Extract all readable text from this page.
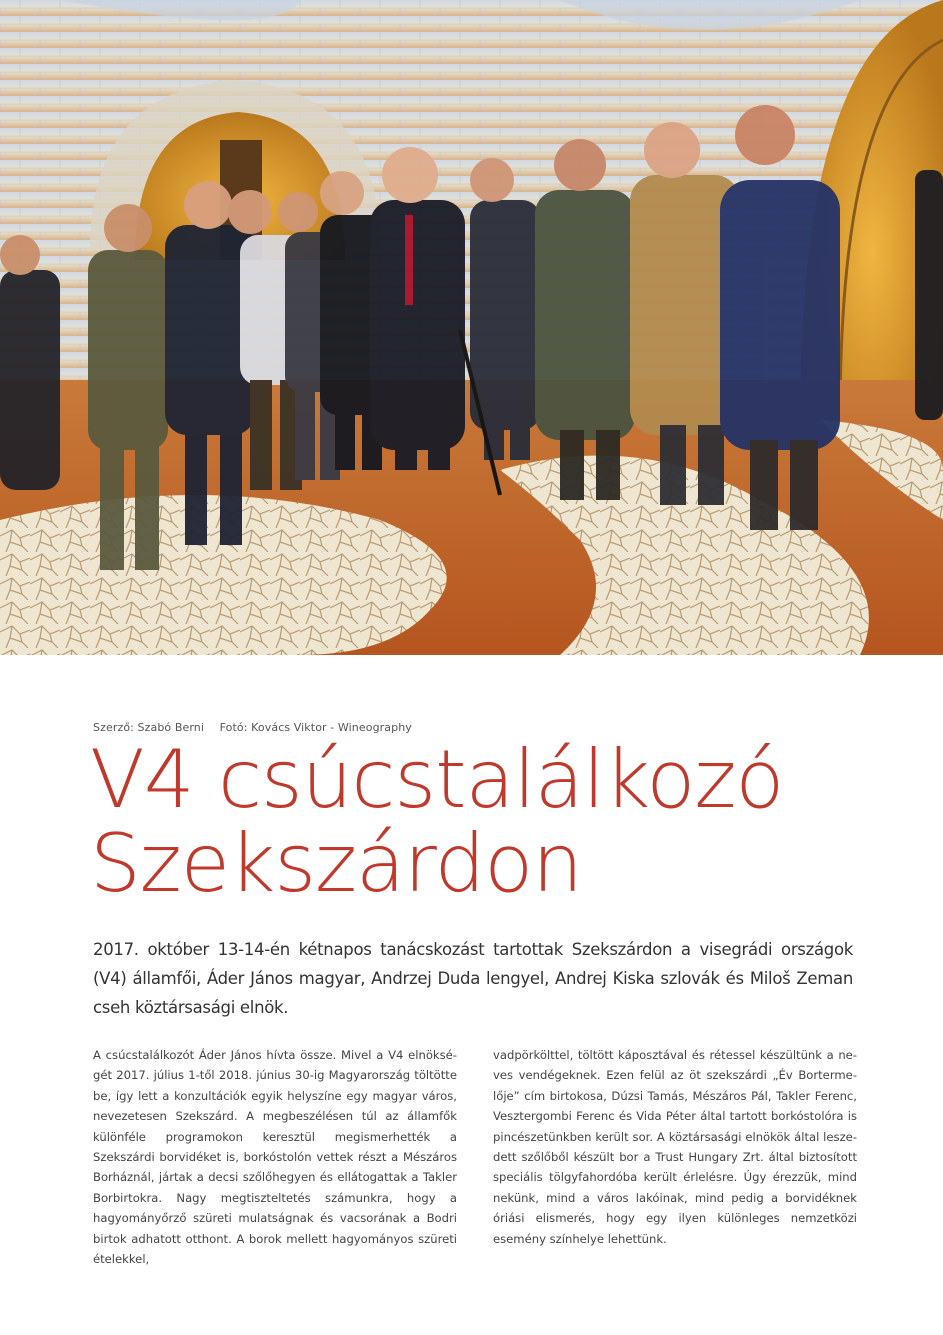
Szerző: Szabó Berni Fotó: Kovács Viktor - Wineography
V4 csúcstalálkozó
Szekszárdon

2017. október 13-14-én kétnapos tanácskozást tartottak Szekszárdon a visegrádi országok (V4) államfői, Áder János magyar, Andrzej Duda lengyel, Andrej Kiska szlovák és Miloš Zeman cseh köztársasági elnök.

A csúcstalálkozót Áder János hívta össze. Mivel a V4 elnökségét 2017. július 1-től 2018. június 30-ig Magyarország töltötte be, így lett a konzultációk egyik helyszíne egy magyar város, nevezetesen Szekszárd. A megbeszélésen túl az államfők különféle programokon keresztül megismerhették a Szekszárdi borvidéket is, borkóstolón vettek részt a Mészáros Borháznál, jártak a decsi szőlőhegyen és ellátogattak a Takler Borbirtokra. Nagy megtiszteltetés számunkra, hogy a hagyományőrző szüreti mulatságnak és vacsorának a Bodri birtok adhatott otthont. A borok mellett hagyományos szüreti ételekkel,

vadpörkölttel, töltött káposztával és rétessel készültünk a neves vendégeknek. Ezen felül az öt szekszárdi „Év Bortermelője” cím birtokosa, Dúzsi Tamás, Mészáros Pál, Takler Ferenc, Vesztergombi Ferenc és Vida Péter által tartott borkóstolóra is pincészetünkben került sor. A köztársasági elnökök által leszedett szőlőből készült bor a Trust Hungary Zrt. által biztosított speciális tölgyfahordóba került érlelésre. Úgy érezzük, mind nekünk, mind a város lakóinak, mind pedig a borvidéknek óriási elismerés, hogy egy ilyen különleges nemzetközi esemény színhelye lehettünk.
